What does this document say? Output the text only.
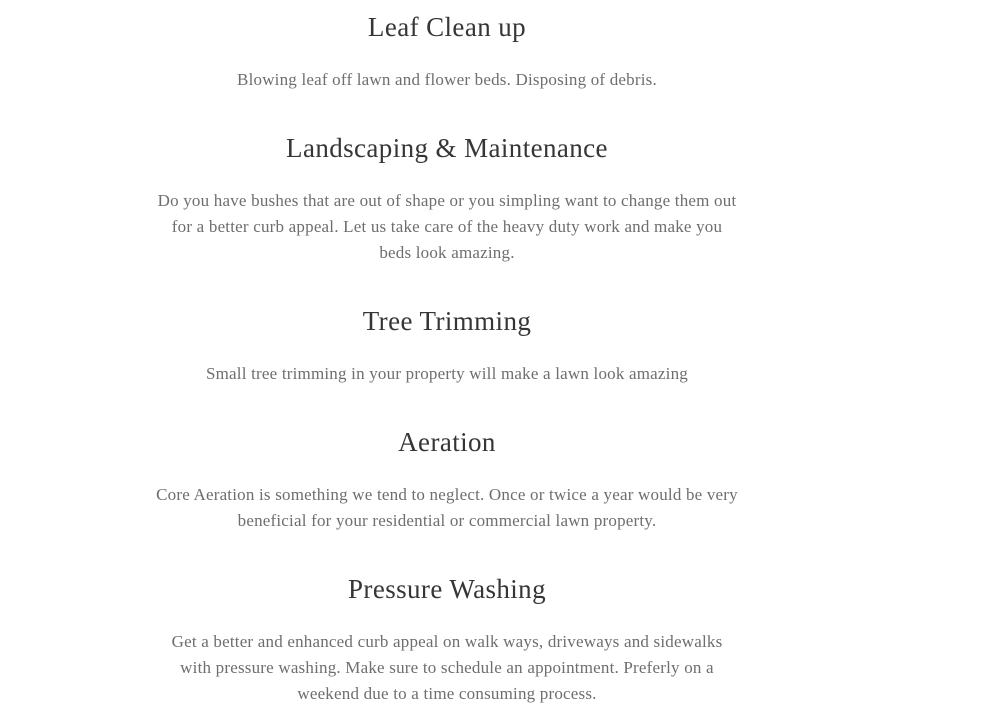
Leaf Clean up

Blowing leaf off lawn and flower beds. Disposing of debris.

Landscaping & Maintenance

Do you have bushes that are out of shape or you simpling want to change them out for a better curb appeal. Let us take care of the heavy duty work and make you beds look amazing.

Tree Trimming

Small tree trimming in your property will make a lawn look amazing

Aeration

Core Aeration is something we tend to neglect. Once or twice a year would be very beneficial for your residential or commercial lawn property.

Pressure Washing

Get a better and enhanced curb appeal on walk ways, driveways and sidewalks with pressure washing. Make sure to schedule an appointment. Preferly on a weekend due to a time consuming process.
